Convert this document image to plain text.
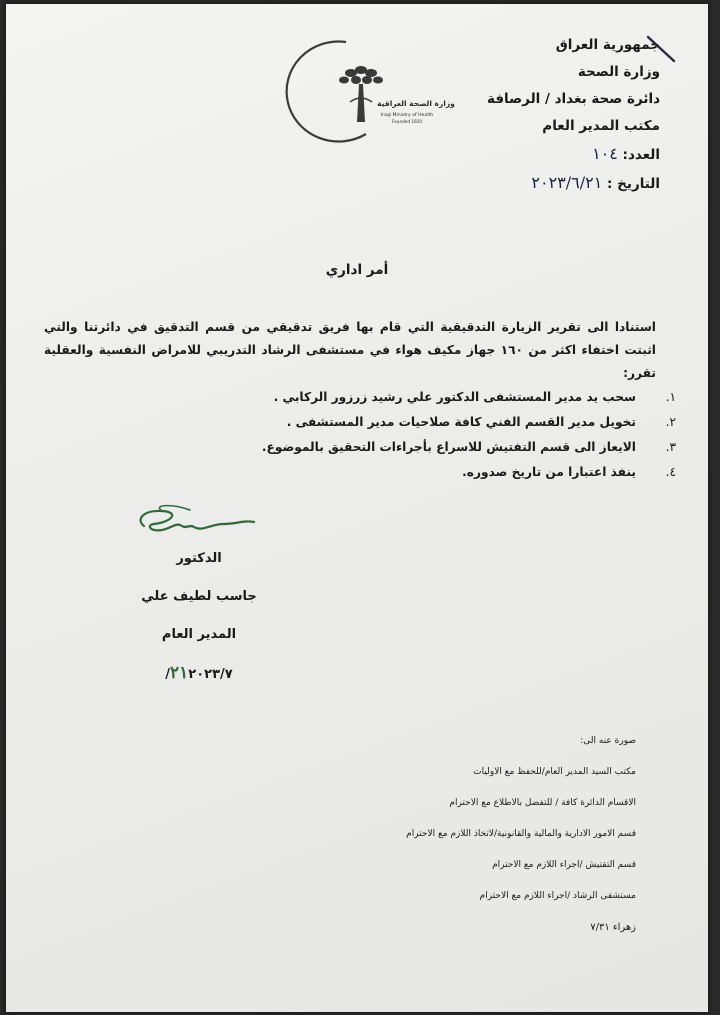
جمهورية العراق
وزارة الصحة
دائرة صحة بغداد / الرصافة
مكتب المدير العام
العدد: ١٠٤
التاريخ : ٢٠٢٣/٦/٢١
وزارة الصحة العراقية
Iraqi Ministry of Health
Founded 1920
أمر اداري

استنادا الى تقرير الزيارة التدقيقية التي قام بها فريق تدقيقي من قسم التدقيق في دائرتنا والتي اثبتت اختفاء اكثر من ١٦٠ جهاز مكيف هواء في مستشفى الرشاد التدريبي للامراض النفسية والعقلية تقرر:

١.سحب يد مدير المستشفى الدكتور علي رشيد زرزور الركابي .
٢.تخويل مدير القسم الفني كافة صلاحيات مدير المستشفى .
٣.الايعاز الى قسم التفتيش للاسراع بأجراءات التحقيق بالموضوع.
٤.ينفذ اعتبارا من تاريخ صدوره.
الدكتور
جاسب لطيف علي
المدير العام
٢١٢٠٢٣/٧/
صورة عنه الى:
مكتب السيد المدير العام/للحفظ مع الاوليات
الاقسام الدائرة كافة / للتفضل بالاطلاع مع الاحترام
قسم الامور الادارية والمالية والقانونية/لاتخاذ اللازم مع الاحترام
قسم التفتيش /اجراء اللازم مع الاحترام
مستشفى الرشاد /اجراء اللازم مع الاحترام
زهراء ٧/٣١
